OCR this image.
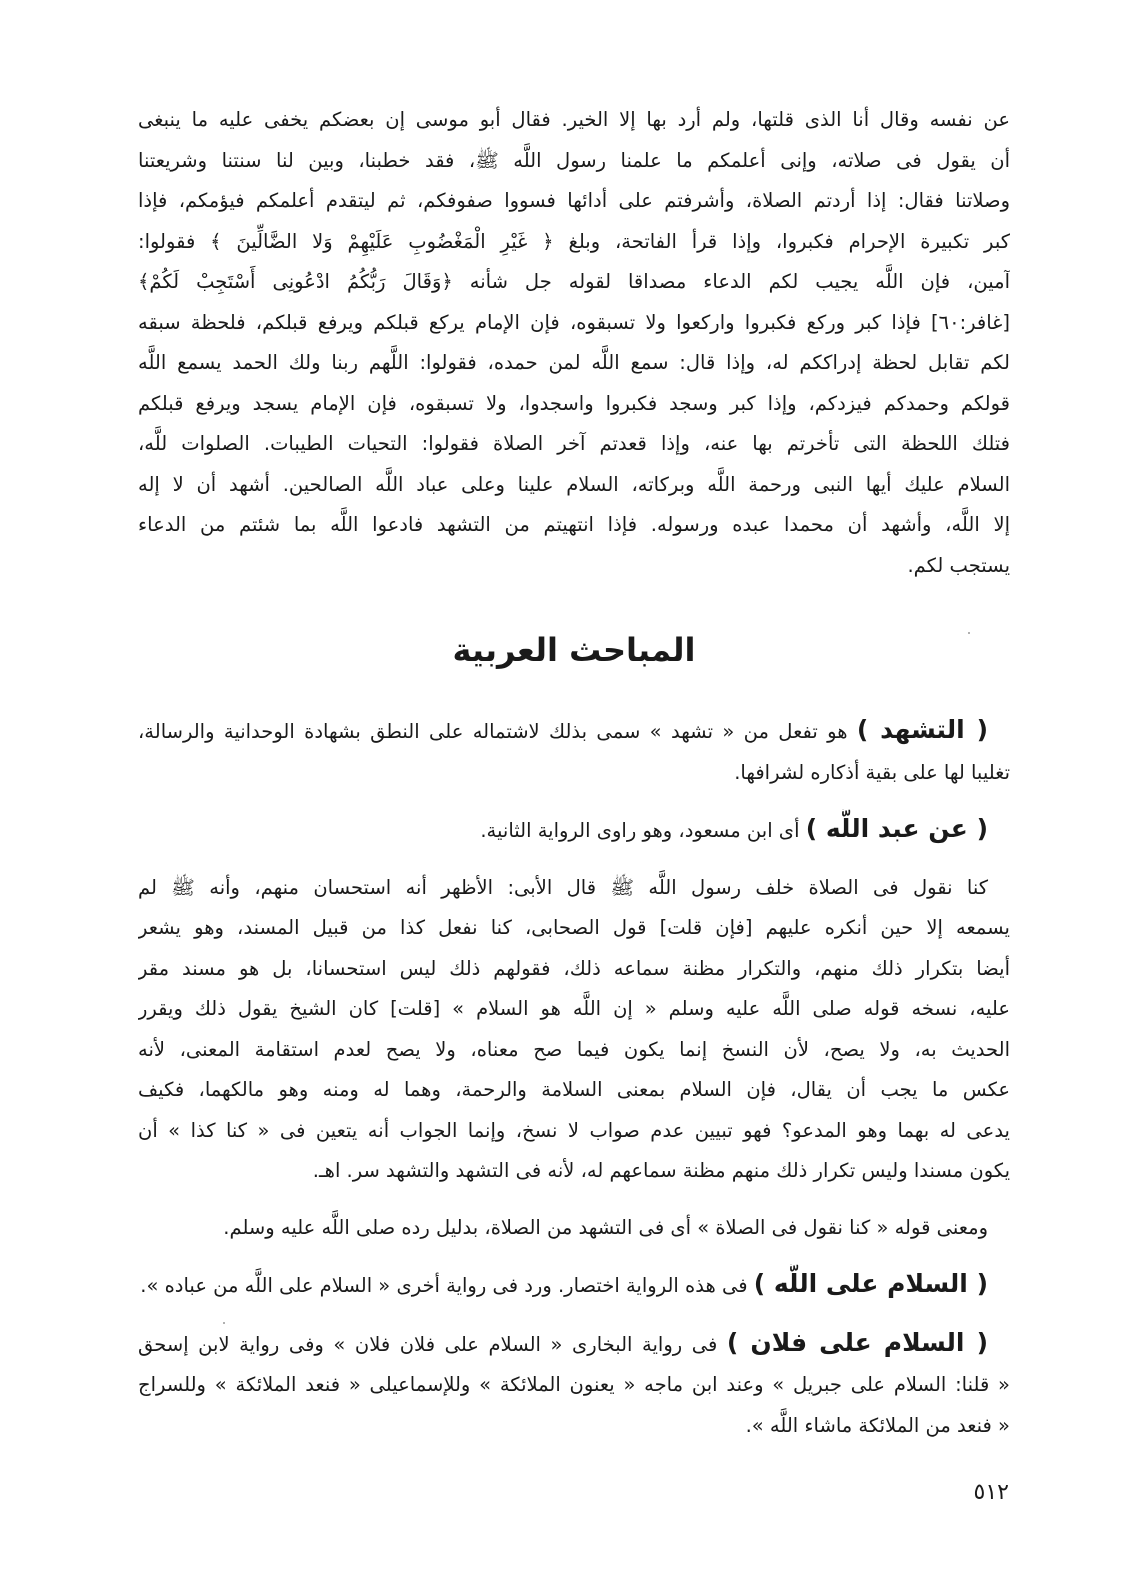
عن نفسه وقال أنا الذى قلتها، ولم أرد بها إلا الخير. فقال أبو موسى إن بعضكم يخفى عليه ما ينبغى
أن يقول فى صلاته، وإنى أعلمكم ما علمنا رسول اللَّه ﷺ، فقد خطبنا، وبين لنا سنتنا وشريعتنا
وصلاتنا فقال: إذا أردتم الصلاة، وأشرفتم على أدائها فسووا صفوفكم، ثم ليتقدم أعلمكم فيؤمكم، فإذا
كبر تكبيرة الإحرام فكبروا، وإذا قرأ الفاتحة، وبلغ ﴿ غَيْرِ الْمَغْضُوبِ عَلَيْهِمْ وَلا الضَّالِّينَ ﴾ فقولوا:
آمين، فإن اللَّه يجيب لكم الدعاء مصداقا لقوله جل شأنه ﴿وَقَالَ رَبُّكُمُ ادْعُونِى أَسْتَجِبْ لَكُمْ﴾
[غافر:٦٠] فإذا كبر وركع فكبروا واركعوا ولا تسبقوه، فإن الإمام يركع قبلكم ويرفع قبلكم، فلحظة سبقه
لكم تقابل لحظة إدراككم له، وإذا قال: سمع اللَّه لمن حمده، فقولوا: اللَّهم ربنا ولك الحمد يسمع اللَّه
قولكم وحمدكم فيزدكم، وإذا كبر وسجد فكبروا واسجدوا، ولا تسبقوه، فإن الإمام يسجد ويرفع قبلكم
فتلك اللحظة التى تأخرتم بها عنه، وإذا قعدتم آخر الصلاة فقولوا: التحيات الطيبات. الصلوات للَّه،
السلام عليك أيها النبى ورحمة اللَّه وبركاته، السلام علينا وعلى عباد اللَّه الصالحين. أشهد أن لا إله
إلا اللَّه، وأشهد أن محمدا عبده ورسوله. فإذا انتهيتم من التشهد فادعوا اللَّه بما شئتم من الدعاء
يستجب لكم.
المباحث العربية
( التشهد ) هو تفعل من « تشهد » سمى بذلك لاشتماله على النطق بشهادة الوحدانية والرسالة،
تغليبا لها على بقية أذكاره لشرافها.
( عن عبد اللَّه ) أى ابن مسعود، وهو راوى الرواية الثانية.
كنا نقول فى الصلاة خلف رسول اللَّه ﷺ قال الأبى: الأظهر أنه استحسان منهم، وأنه ﷺ لم
يسمعه إلا حين أنكره عليهم [فإن قلت] قول الصحابى، كنا نفعل كذا من قبيل المسند، وهو يشعر
أيضا بتكرار ذلك منهم، والتكرار مظنة سماعه ذلك، فقولهم ذلك ليس استحسانا، بل هو مسند مقر
عليه، نسخه قوله صلى اللَّه عليه وسلم « إن اللَّه هو السلام » [قلت] كان الشيخ يقول ذلك ويقرر
الحديث به، ولا يصح، لأن النسخ إنما يكون فيما صح معناه، ولا يصح لعدم استقامة المعنى، لأنه
عكس ما يجب أن يقال، فإن السلام بمعنى السلامة والرحمة، وهما له ومنه وهو مالكهما، فكيف
يدعى له بهما وهو المدعو؟ فهو تبيين عدم صواب لا نسخ، وإنما الجواب أنه يتعين فى « كنا كذا » أن
يكون مسندا وليس تكرار ذلك منهم مظنة سماعهم له، لأنه فى التشهد والتشهد سر. اهـ.
ومعنى قوله « كنا نقول فى الصلاة » أى فى التشهد من الصلاة، بدليل رده صلى اللَّه عليه وسلم.
( السلام على اللَّه ) فى هذه الرواية اختصار. ورد فى رواية أخرى « السلام على اللَّه من عباده ».
( السلام على فلان ) فى رواية البخارى « السلام على فلان فلان » وفى رواية لابن إسحق
« قلنا: السلام على جبريل » وعند ابن ماجه « يعنون الملائكة » وللإسماعيلى « فنعد الملائكة » وللسراج
« فنعد من الملائكة ماشاء اللَّه ».
٥١٢
